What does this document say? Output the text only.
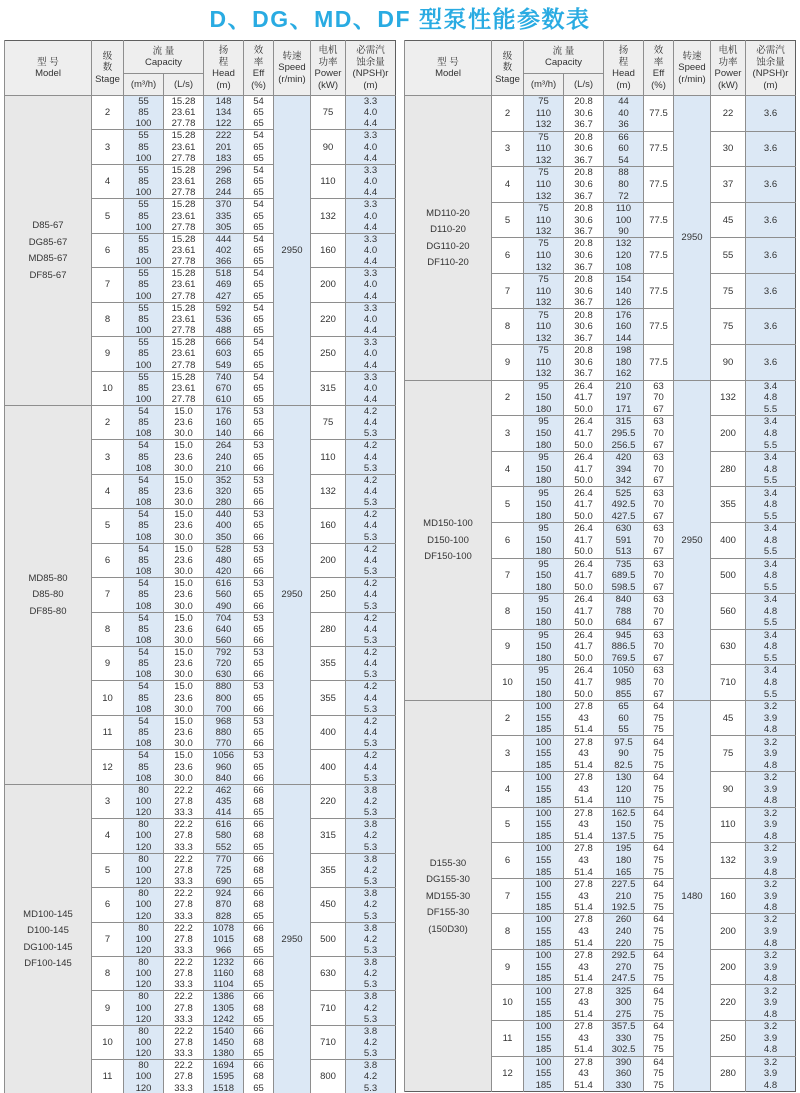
D、DG、MD、DF 型泵性能参数表
型 号
Model	级
数
Stage	流 量
Capacity		扬
程
Head
(m)	效
率
Eff
(%)	转速
Speed
(r/min)	电机
功率
Power
(kW)	必需汽
蚀余量
(NPSH)r
(m)

		(m³/h)	(L/s)					

D85-67
DG85-67
MD85-67
DF85-67	2	55	15.28	148	54	2950	75	3.3
		85	23.61	134	65			4.0
		100	27.78	122	65			4.4
	3	55	15.28	222	54		90	3.3
		85	23.61	201	65			4.0
		100	27.78	183	65			4.4
	4	55	15.28	296	54		110	3.3
		85	23.61	268	65			4.0
		100	27.78	244	65			4.4
	5	55	15.28	370	54		132	3.3
		85	23.61	335	65			4.0
		100	27.78	305	65			4.4
	6	55	15.28	444	54		160	3.3
		85	23.61	402	65			4.0
		100	27.78	366	65			4.4
	7	55	15.28	518	54		200	3.3
		85	23.61	469	65			4.0
		100	27.78	427	65			4.4
	8	55	15.28	592	54		220	3.3
		85	23.61	536	65			4.0
		100	27.78	488	65			4.4
	9	55	15.28	666	54		250	3.3
		85	23.61	603	65			4.0
		100	27.78	549	65			4.4
	10	55	15.28	740	54		315	3.3
		85	23.61	670	65			4.0
		100	27.78	610	65			4.4

MD85-80
D85-80
DF85-80	2	54	15.0	176	53	2950	75	4.2
		85	23.6	160	65			4.4
		108	30.0	140	66			5.3
	3	54	15.0	264	53		110	4.2
		85	23.6	240	65			4.4
		108	30.0	210	66			5.3
	4	54	15.0	352	53		132	4.2
		85	23.6	320	65			4.4
		108	30.0	280	66			5.3
	5	54	15.0	440	53		160	4.2
		85	23.6	400	65			4.4
		108	30.0	350	66			5.3
	6	54	15.0	528	53		200	4.2
		85	23.6	480	65			4.4
		108	30.0	420	66			5.3
	7	54	15.0	616	53		250	4.2
		85	23.6	560	65			4.4
		108	30.0	490	66			5.3
	8	54	15.0	704	53		280	4.2
		85	23.6	640	65			4.4
		108	30.0	560	66			5.3
	9	54	15.0	792	53		355	4.2
		85	23.6	720	65			4.4
		108	30.0	630	66			5.3
	10	54	15.0	880	53		355	4.2
		85	23.6	800	65			4.4
		108	30.0	700	66			5.3
	11	54	15.0	968	53		400	4.2
		85	23.6	880	65			4.4
		108	30.0	770	66			5.3
	12	54	15.0	1056	53		400	4.2
		85	23.6	960	65			4.4
		108	30.0	840	66			5.3

MD100-145
D100-145
DG100-145
DF100-145	3	80	22.2	462	66	2950	220	3.8
		100	27.8	435	68			4.2
		120	33.3	414	65			5.3
	4	80	22.2	616	66		315	3.8
		100	27.8	580	68			4.2
		120	33.3	552	65			5.3
	5	80	22.2	770	66		355	3.8
		100	27.8	725	68			4.2
		120	33.3	690	65			5.3
	6	80	22.2	924	66		450	3.8
		100	27.8	870	68			4.2
		120	33.3	828	65			5.3
	7	80	22.2	1078	66		500	3.8
		100	27.8	1015	68			4.2
		120	33.3	966	65			5.3
	8	80	22.2	1232	66		630	3.8
		100	27.8	1160	68			4.2
		120	33.3	1104	65			5.3
	9	80	22.2	1386	66		710	3.8
		100	27.8	1305	68			4.2
		120	33.3	1242	65			5.3
	10	80	22.2	1540	66		710	3.8
		100	27.8	1450	68			4.2
		120	33.3	1380	65			5.3
	11	80	22.2	1694	66		800	3.8
		100	27.8	1595	68			4.2
		120	33.3	1518	65			5.3
型 号
Model	级
数
Stage	流 量
Capacity		扬
程
Head
(m)	效
率
Eff
(%)	转速
Speed
(r/min)	电机
功率
Power
(kW)	必需汽
蚀余量
(NPSH)r
(m)

		(m³/h)	(L/s)					

MD110-20
D110-20
DG110-20
DF110-20	2	75	20.8	44	77.5	2950	22	3.6
		110	30.6	40				
		132	36.7	36				
	3	75	20.8	66	77.5		30	3.6
		110	30.6	60				
		132	36.7	54				
	4	75	20.8	88	77.5		37	3.6
		110	30.6	80				
		132	36.7	72				
	5	75	20.8	110	77.5		45	3.6
		110	30.6	100				
		132	36.7	90				
	6	75	20.8	132	77.5		55	3.6
		110	30.6	120				
		132	36.7	108				
	7	75	20.8	154	77.5		75	3.6
		110	30.6	140				
		132	36.7	126				
	8	75	20.8	176	77.5		75	3.6
		110	30.6	160				
		132	36.7	144				
	9	75	20.8	198	77.5		90	3.6
		110	30.6	180				
		132	36.7	162				

MD150-100
D150-100
DF150-100	2	95	26.4	210	63	2950	132	3.4
		150	41.7	197	70			4.8
		180	50.0	171	67			5.5
	3	95	26.4	315	63		200	3.4
		150	41.7	295.5	70			4.8
		180	50.0	256.5	67			5.5
	4	95	26.4	420	63		280	3.4
		150	41.7	394	70			4.8
		180	50.0	342	67			5.5
	5	95	26.4	525	63		355	3.4
		150	41.7	492.5	70			4.8
		180	50.0	427.5	67			5.5
	6	95	26.4	630	63		400	3.4
		150	41.7	591	70			4.8
		180	50.0	513	67			5.5
	7	95	26.4	735	63		500	3.4
		150	41.7	689.5	70			4.8
		180	50.0	598.5	67			5.5
	8	95	26.4	840	63		560	3.4
		150	41.7	788	70			4.8
		180	50.0	684	67			5.5
	9	95	26.4	945	63		630	3.4
		150	41.7	886.5	70			4.8
		180	50.0	769.5	67			5.5
	10	95	26.4	1050	63		710	3.4
		150	41.7	985	70			4.8
		180	50.0	855	67			5.5

D155-30
DG155-30
MD155-30
DF155-30
(150D30)	2	100	27.8	65	64	1480	45	3.2
		155	43	60	75			3.9
		185	51.4	55	75			4.8
	3	100	27.8	97.5	64		75	3.2
		155	43	90	75			3.9
		185	51.4	82.5	75			4.8
	4	100	27.8	130	64		90	3.2
		155	43	120	75			3.9
		185	51.4	110	75			4.8
	5	100	27.8	162.5	64		110	3.2
		155	43	150	75			3.9
		185	51.4	137.5	75			4.8
	6	100	27.8	195	64		132	3.2
		155	43	180	75			3.9
		185	51.4	165	75			4.8
	7	100	27.8	227.5	64		160	3.2
		155	43	210	75			3.9
		185	51.4	192.5	75			4.8
	8	100	27.8	260	64		200	3.2
		155	43	240	75			3.9
		185	51.4	220	75			4.8
	9	100	27.8	292.5	64		200	3.2
		155	43	270	75			3.9
		185	51.4	247.5	75			4.8
	10	100	27.8	325	64		220	3.2
		155	43	300	75			3.9
		185	51.4	275	75			4.8
	11	100	27.8	357.5	64		250	3.2
		155	43	330	75			3.9
		185	51.4	302.5	75			4.8
	12	100	27.8	390	64		280	3.2
		155	43	360	75			3.9
		185	51.4	330	75			4.8
